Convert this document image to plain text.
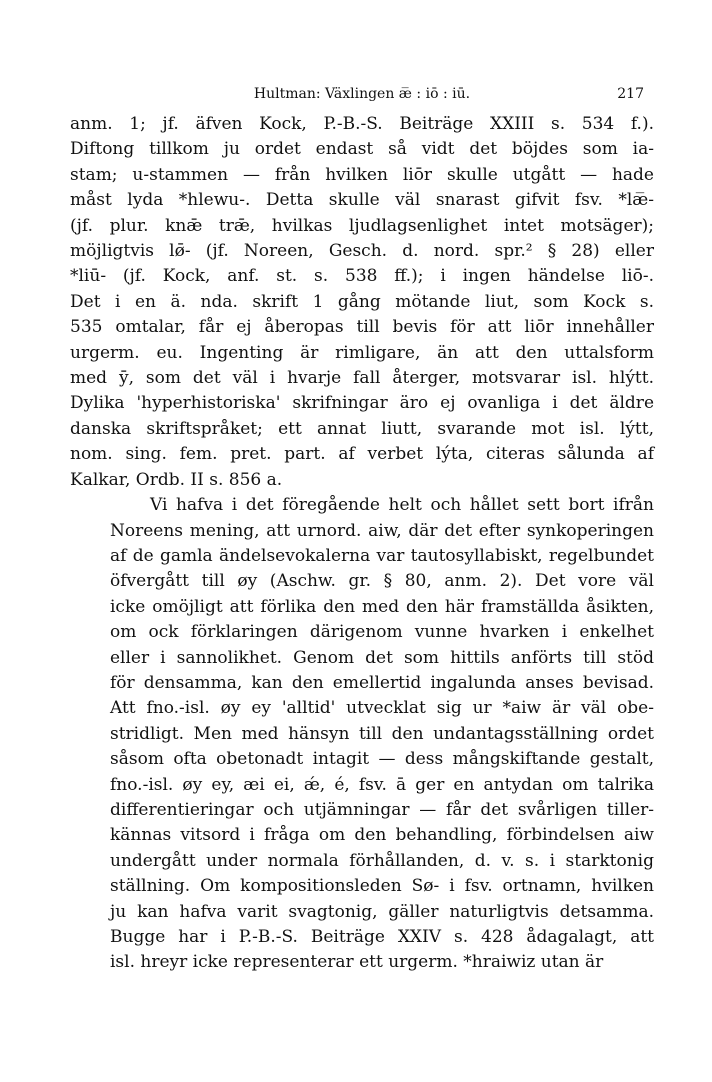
Hultman: Växlingen æ̅ : iō : iū.	217

anm. 1; jf. äfven Kock, P.-B.-S. Beiträge XXIII s. 534 f.).
Diftong tillkom ju ordet endast så vidt det böjdes som ia-
stam; u-stammen — från hvilken liōr skulle utgått — hade
måst lyda *hlewu-. Detta skulle väl snarast gifvit fsv. *læ̅-
(jf. plur. knǣ trǣ, hvilkas ljudlagsenlighet intet motsäger);
möjligtvis lø̄- (jf. Noreen, Gesch. d. nord. spr.² § 28) eller
*liū- (jf. Kock, anf. st. s. 538 ff.); i ingen händelse liō-.
Det i en ä. nda. skrift 1 gång mötande liut, som Kock s.
535 omtalar, får ej åberopas till bevis för att liōr innehåller
urgerm. eu. Ingenting är rimligare, än att den uttalsform
med ȳ, som det väl i hvarje fall återger, motsvarar isl. hlýtt.
Dylika 'hyperhistoriska' skrifningar äro ej ovanliga i det äldre
danska skriftspråket; ett annat liutt, svarande mot isl. lýtt,
nom. sing. fem. pret. part. af verbet lýta, citeras sålunda af
Kalkar, Ordb. II s. 856 a.

Vi hafva i det föregående helt och hållet sett bort ifrån
Noreens mening, att urnord. aiw, där det efter synkoperingen
af de gamla ändelsevokalerna var tautosyllabiskt, regelbundet
öfvergått till øy (Aschw. gr. § 80, anm. 2). Det vore väl
icke omöjligt att förlika den med den här framställda åsikten,
om ock förklaringen därigenom vunne hvarken i enkelhet
eller i sannolikhet. Genom det som hittils anförts till stöd
för densamma, kan den emellertid ingalunda anses bevisad.
Att fno.-isl. øy ey 'alltid' utvecklat sig ur *aiw är väl obe-
stridligt. Men med hänsyn till den undantagsställning ordet
såsom ofta obetonadt intagit — dess mångskiftande gestalt,
fno.-isl. øy ey, æi ei, ǽ, é, fsv. ā ger en antydan om talrika
differentieringar och utjämningar — får det svårligen tiller-
kännas vitsord i fråga om den behandling, förbindelsen aiw
undergått under normala förhållanden, d. v. s. i starktonig
ställning. Om kompositionsleden Sø- i fsv. ortnamn, hvilken
ju kan hafva varit svagtonig, gäller naturligtvis detsamma.
Bugge har i P.-B.-S. Beiträge XXIV s. 428 ådagalagt, att
isl. hreyr icke representerar ett urgerm. *hraiwiz utan är
